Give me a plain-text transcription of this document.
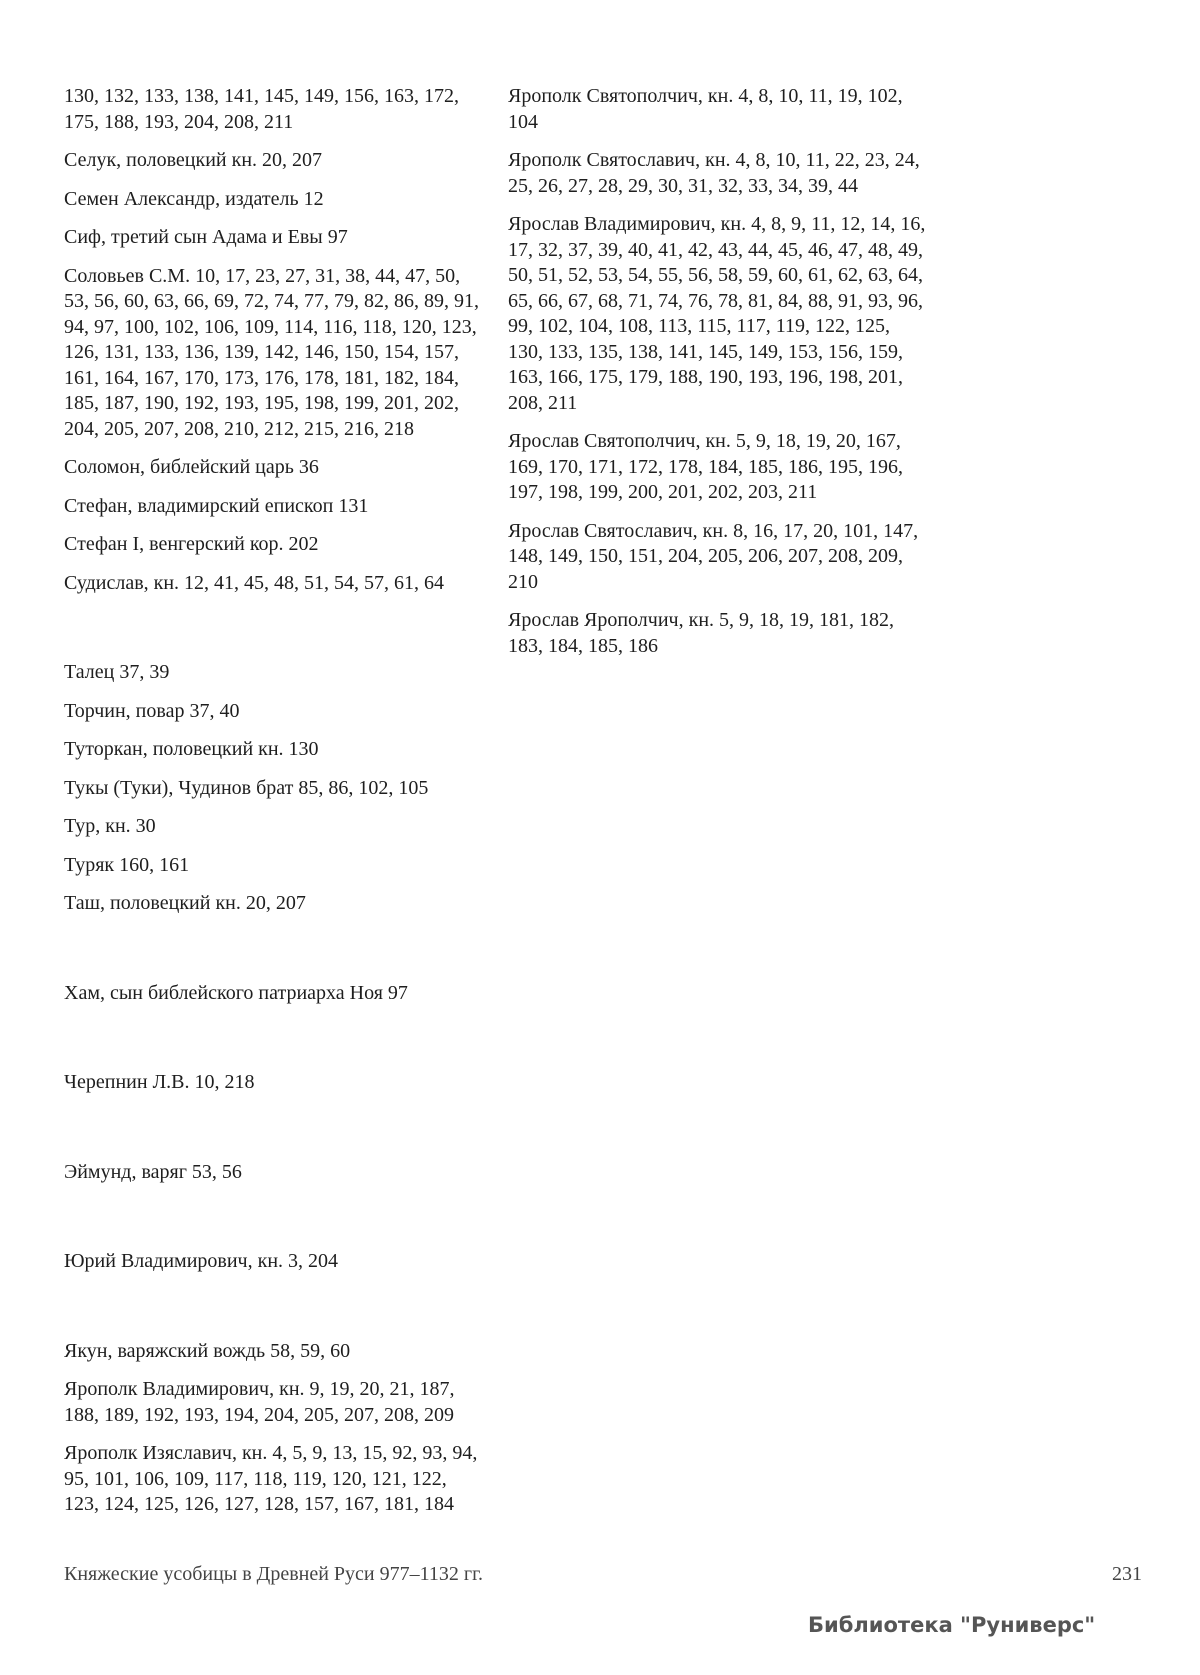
130, 132, 133, 138, 141, 145, 149, 156, 163, 172, 175, 188, 193, 204, 208, 211
Селук, половецкий кн. 20, 207
Семен Александр, издатель 12
Сиф, третий сын Адама и Евы 97
Соловьев С.М. 10, 17, 23, 27, 31, 38, 44, 47, 50, 53, 56, 60, 63, 66, 69, 72, 74, 77, 79, 82, 86, 89, 91, 94, 97, 100, 102, 106, 109, 114, 116, 118, 120, 123, 126, 131, 133, 136, 139, 142, 146, 150, 154, 157, 161, 164, 167, 170, 173, 176, 178, 181, 182, 184, 185, 187, 190, 192, 193, 195, 198, 199, 201, 202, 204, 205, 207, 208, 210, 212, 215, 216, 218
Соломон, библейский царь 36
Стефан, владимирский епископ 131
Стефан I, венгерский кор. 202
Судислав, кн. 12, 41, 45, 48, 51, 54, 57, 61, 64
Талец 37, 39
Торчин, повар 37, 40
Туторкан, половецкий кн. 130
Тукы (Туки), Чудинов брат 85, 86, 102, 105
Тур, кн. 30
Туряк 160, 161
Таш, половецкий кн. 20, 207
Хам, сын библейского патриарха Ноя 97
Черепнин Л.В. 10, 218
Эймунд, варяг 53, 56
Юрий Владимирович, кн. 3, 204
Якун, варяжский вождь 58, 59, 60
Ярополк Владимирович, кн. 9, 19, 20, 21, 187, 188, 189, 192, 193, 194, 204, 205, 207, 208, 209
Ярополк Изяславич, кн. 4, 5, 9, 13, 15, 92, 93, 94, 95, 101, 106, 109, 117, 118, 119, 120, 121, 122, 123, 124, 125, 126, 127, 128, 157, 167, 181, 184
Ярополк Святополчич, кн. 4, 8, 10, 11, 19, 102, 104
Ярополк Святославич, кн. 4, 8, 10, 11, 22, 23, 24, 25, 26, 27, 28, 29, 30, 31, 32, 33, 34, 39, 44
Ярослав Владимирович, кн. 4, 8, 9, 11, 12, 14, 16, 17, 32, 37, 39, 40, 41, 42, 43, 44, 45, 46, 47, 48, 49, 50, 51, 52, 53, 54, 55, 56, 58, 59, 60, 61, 62, 63, 64, 65, 66, 67, 68, 71, 74, 76, 78, 81, 84, 88, 91, 93, 96, 99, 102, 104, 108, 113, 115, 117, 119, 122, 125, 130, 133, 135, 138, 141, 145, 149, 153, 156, 159, 163, 166, 175, 179, 188, 190, 193, 196, 198, 201, 208, 211
Ярослав Святополчич, кн. 5, 9, 18, 19, 20, 167, 169, 170, 171, 172, 178, 184, 185, 186, 195, 196, 197, 198, 199, 200, 201, 202, 203, 211
Ярослав Святославич, кн. 8, 16, 17, 20, 101, 147, 148, 149, 150, 151, 204, 205, 206, 207, 208, 209, 210
Ярослав Ярополчич, кн. 5, 9, 18, 19, 181, 182, 183, 184, 185, 186
Княжеские усобицы в Древней Руси 977–1132 гг.	231
Библиотека "Руниверс"
